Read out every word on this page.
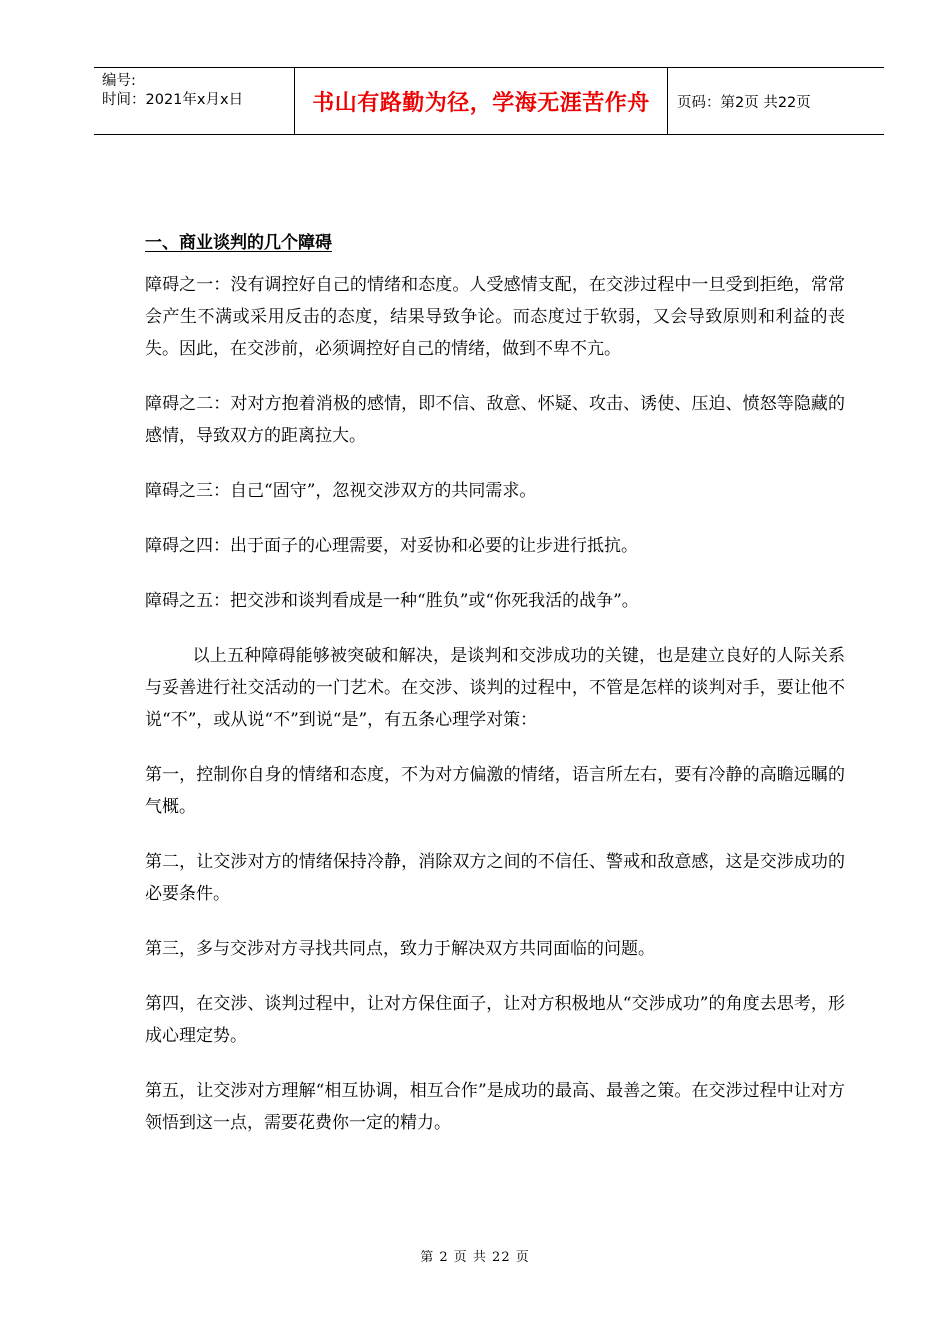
编号:
时间：2021年x月x日	书山有路勤为径，学海无涯苦作舟 页码：第2页 共22页
一、商业谈判的几个障碍

障碍之一：没有调控好自己的情绪和态度。人受感情支配，在交涉过程中一旦受到拒绝，常常会产生不满或采用反击的态度，结果导致争论。而态度过于软弱，又会导致原则和利益的丧失。因此，在交涉前，必须调控好自己的情绪，做到不卑不亢。

障碍之二：对对方抱着消极的感情，即不信、敌意、怀疑、攻击、诱使、压迫、愤怒等隐藏的感情，导致双方的距离拉大。

障碍之三：自己“固守”，忽视交涉双方的共同需求。

障碍之四：出于面子的心理需要，对妥协和必要的让步进行抵抗。

障碍之五：把交涉和谈判看成是一种“胜负”或“你死我活的战争”。

以上五种障碍能够被突破和解决，是谈判和交涉成功的关键，也是建立良好的人际关系与妥善进行社交活动的一门艺术。在交涉、谈判的过程中，不管是怎样的谈判对手，要让他不说“不”，或从说“不”到说“是”，有五条心理学对策：

第一，控制你自身的情绪和态度，不为对方偏激的情绪，语言所左右，要有冷静的高瞻远瞩的气概。

第二，让交涉对方的情绪保持冷静，消除双方之间的不信任、警戒和敌意感，这是交涉成功的必要条件。

第三，多与交涉对方寻找共同点，致力于解决双方共同面临的问题。

第四，在交涉、谈判过程中，让对方保住面子，让对方积极地从“交涉成功”的角度去思考，形成心理定势。

第五，让交涉对方理解“相互协调，相互合作”是成功的最高、最善之策。在交涉过程中让对方领悟到这一点，需要花费你一定的精力。

第 2 页 共 22 页
